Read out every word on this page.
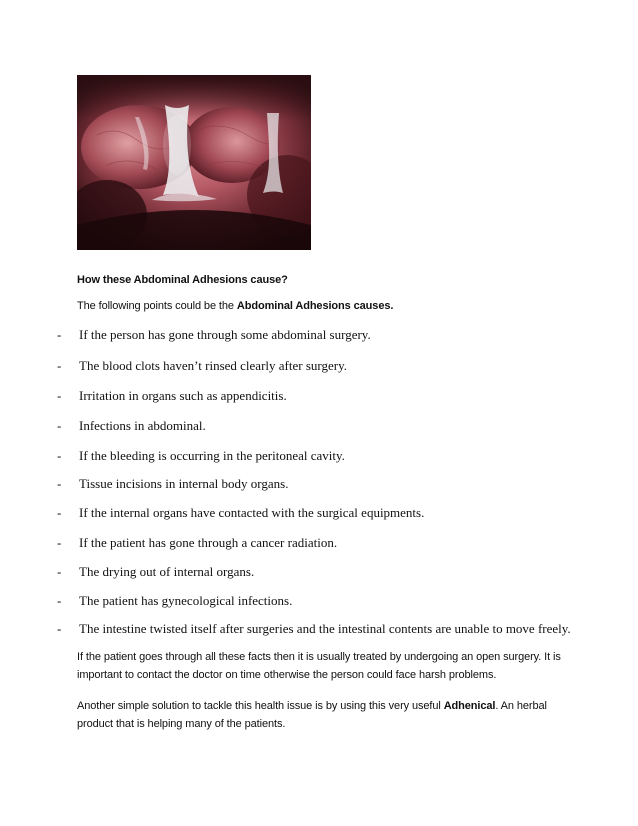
How these Abdominal Adhesions cause?
The following points could be the Abdominal Adhesions causes.
- If the person has gone through some abdominal surgery.
- The blood clots haven’t rinsed clearly after surgery.
- Irritation in organs such as appendicitis.
- Infections in abdominal.
- If the bleeding is occurring in the peritoneal cavity.
- Tissue incisions in internal body organs.
- If the internal organs have contacted with the surgical equipments.
- If the patient has gone through a cancer radiation.
- The drying out of internal organs.
- The patient has gynecological infections.
- The intestine twisted itself after surgeries and the intestinal contents are unable to move freely.
If the patient goes through all these facts then it is usually treated by undergoing an open surgery. It is important to contact the doctor on time otherwise the person could face harsh problems.
Another simple solution to tackle this health issue is by using this very useful Adhenical. An herbal product that is helping many of the patients.
